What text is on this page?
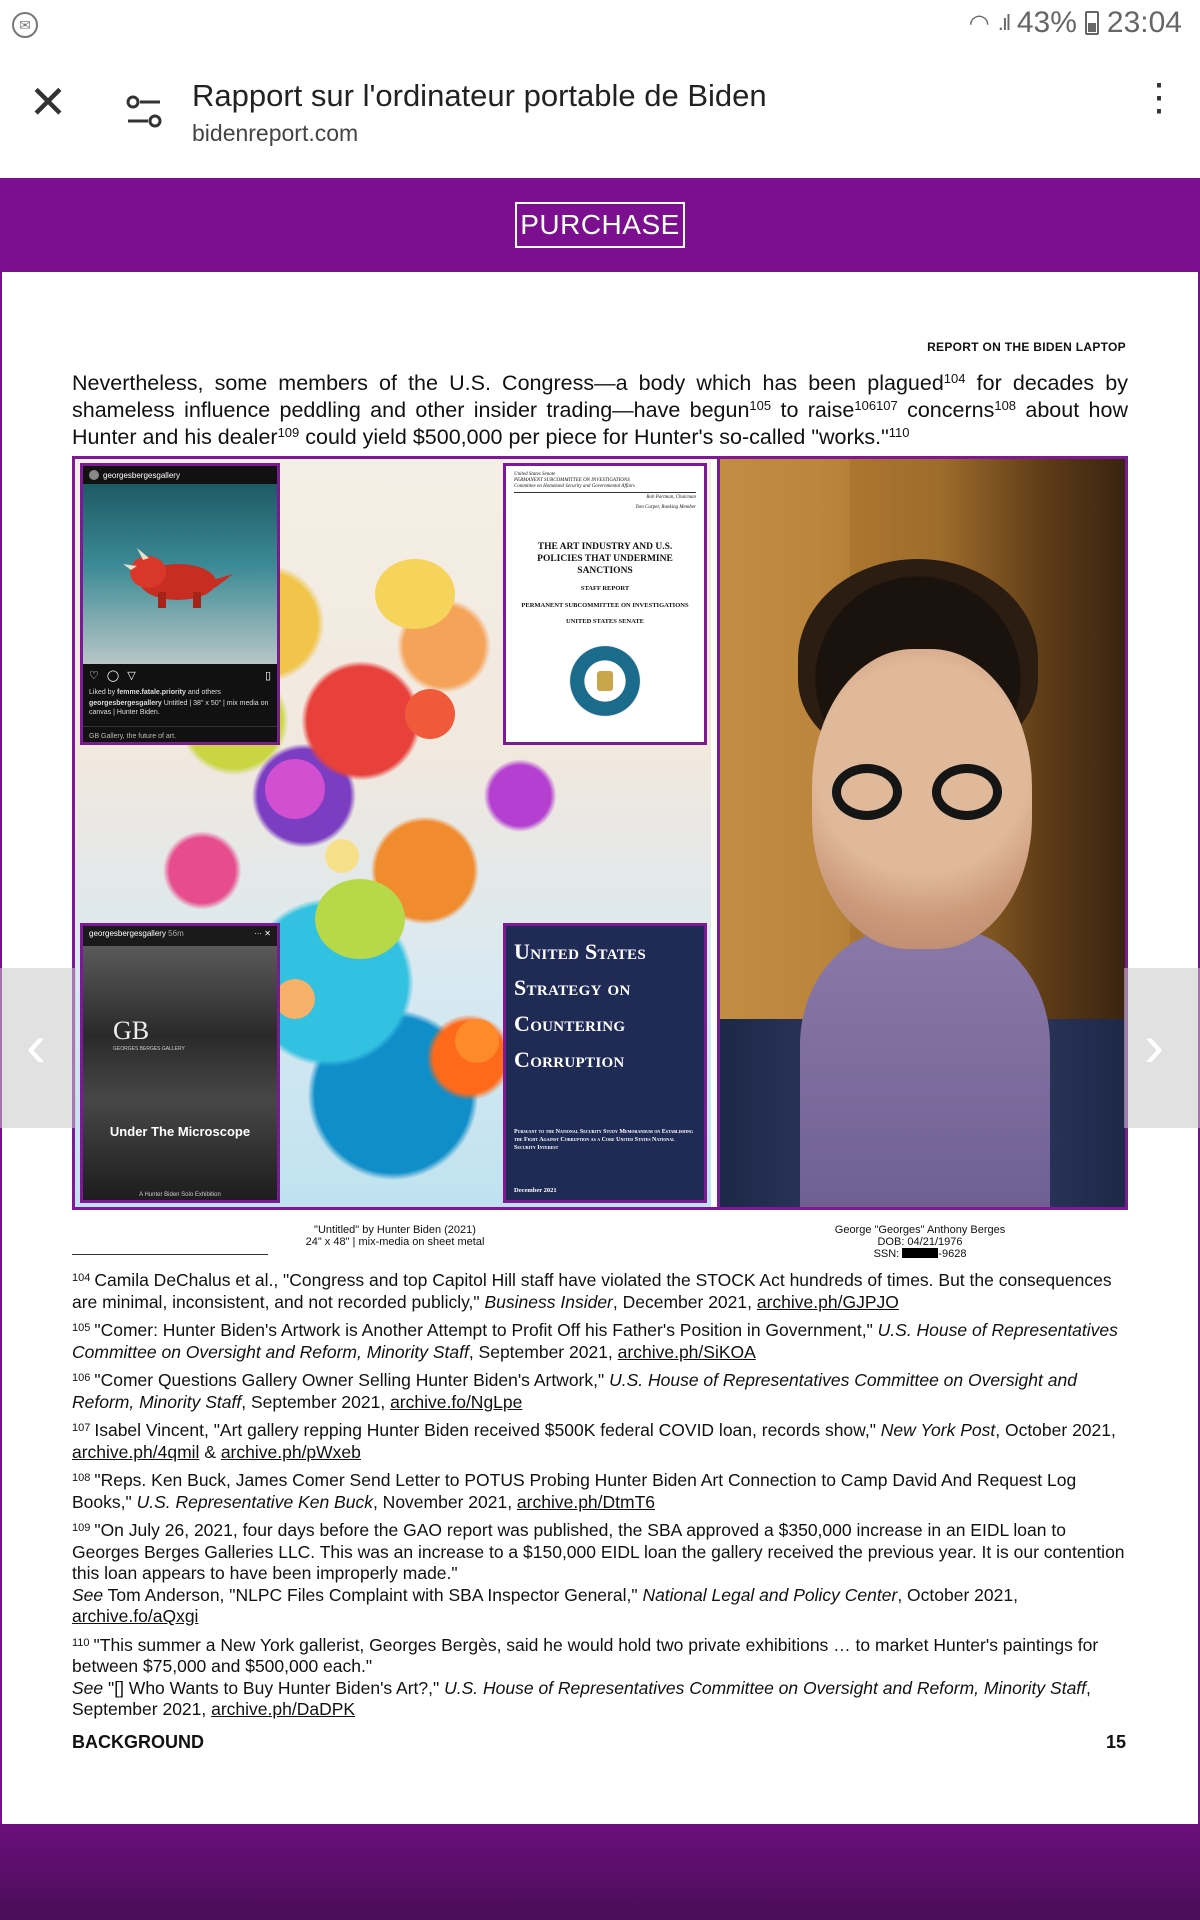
✉	◠ .ıl 43% 23:04
✕	Rapport sur l'ordinateur portable de Biden
bidenreport.com
⋮
PURCHASE
REPORT ON THE BIDEN LAPTOP
Nevertheless, some members of the U.S. Congress—a body which has been plagued$^{104}$ for decades by shameless influence peddling and other insider trading—have begun$^{105}$ to raise$^{106107}$ concerns$^{108}$ about how Hunter and his dealer$^{109}$ could yield $500,000 per piece for Hunter's so-called "works."$^{110}$
georgesbergesgallery
♡ ◯ ▽	▯
Liked by femme.fatale.priority and others
georgesbergesgallery Untitled | 38" x 50" | mix media on canvas | Hunter Biden.
GB Gallery, the future of art.
United States Senate
PERMANENT SUBCOMMITTEE ON INVESTIGATIONS
Committee on Homeland Security and Governmental Affairs
Rob Portman, Chairman
Tom Carper, Ranking Member
THE ART INDUSTRY AND U.S. POLICIES THAT UNDERMINE SANCTIONS
STAFF REPORT
PERMANENT SUBCOMMITTEE ON INVESTIGATIONS
UNITED STATES SENATE
georgesbergesgallery 56m	··· ✕
GB
GEORGES BERGES GALLERY
Under The Microscope
A Hunter Biden Solo Exhibition
United States
Strategy on
Countering
Corruption
Pursuant to the National Security Study Memorandum on Establishing the Fight Against Corruption as a Core United States National Security Interest
December 2021
"Untitled" by Hunter Biden (2021)
24" x 48" | mix-media on sheet metal
George "Georges" Anthony Berges
DOB: 04/21/1976
SSN:	-9628
$^{104}$ Camila DeChalus et al., "Congress and top Capitol Hill staff have violated the STOCK Act hundreds of times. But the consequences are minimal, inconsistent, and not recorded publicly," Business Insider, December 2021, archive.ph/GJPJO
$^{105}$ "Comer: Hunter Biden's Artwork is Another Attempt to Profit Off his Father's Position in Government," U.S. House of Representatives Committee on Oversight and Reform, Minority Staff, September 2021, archive.ph/SiKOA
$^{106}$ "Comer Questions Gallery Owner Selling Hunter Biden's Artwork," U.S. House of Representatives Committee on Oversight and Reform, Minority Staff, September 2021, archive.fo/NgLpe
$^{107}$ Isabel Vincent, "Art gallery repping Hunter Biden received $500K federal COVID loan, records show," New York Post, October 2021, archive.ph/4qmil & archive.ph/pWxeb
$^{108}$ "Reps. Ken Buck, James Comer Send Letter to POTUS Probing Hunter Biden Art Connection to Camp David And Request Log Books," U.S. Representative Ken Buck, November 2021, archive.ph/DtmT6
$^{109}$ "On July 26, 2021, four days before the GAO report was published, the SBA approved a $350,000 increase in an EIDL loan to Georges Berges Galleries LLC. This was an increase to a $150,000 EIDL loan the gallery received the previous year. It is our contention this loan appears to have been improperly made."
See Tom Anderson, "NLPC Files Complaint with SBA Inspector General," National Legal and Policy Center, October 2021, archive.fo/aQxgi
$^{110}$ "This summer a New York gallerist, Georges Bergès, said he would hold two private exhibitions … to market Hunter's paintings for between $75,000 and $500,000 each."
See "[] Who Wants to Buy Hunter Biden's Art?," U.S. House of Representatives Committee on Oversight and Reform, Minority Staff, September 2021, archive.ph/DaDPK
BACKGROUND	15
‹	›
